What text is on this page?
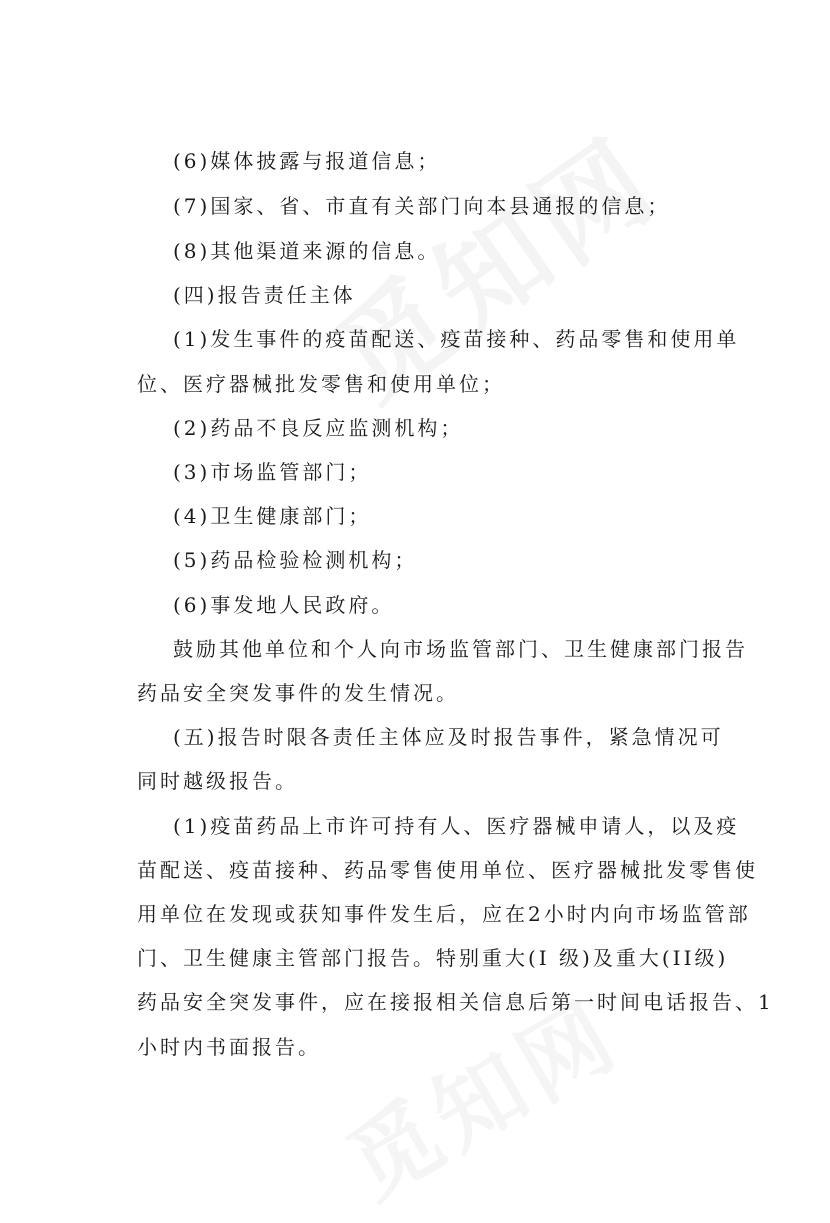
(6)媒体披露与报道信息；
(7)国家、省、市直有关部门向本县通报的信息；
(8)其他渠道来源的信息。
(四)报告责任主体
(1)发生事件的疫苗配送、疫苗接种、药品零售和使用单
位、医疗器械批发零售和使用单位；
(2)药品不良反应监测机构；
(3)市场监管部门；
(4)卫生健康部门；
(5)药品检验检测机构；
(6)事发地人民政府。
鼓励其他单位和个人向市场监管部门、卫生健康部门报告
药品安全突发事件的发生情况。
(五)报告时限各责任主体应及时报告事件，紧急情况可
同时越级报告。
(1)疫苗药品上市许可持有人、医疗器械申请人，以及疫
苗配送、疫苗接种、药品零售使用单位、医疗器械批发零售使
用单位在发现或获知事件发生后，应在2小时内向市场监管部
门、卫生健康主管部门报告。特别重大(I 级)及重大(II级)
药品安全突发事件，应在接报相关信息后第一时间电话报告、1
小时内书面报告。
